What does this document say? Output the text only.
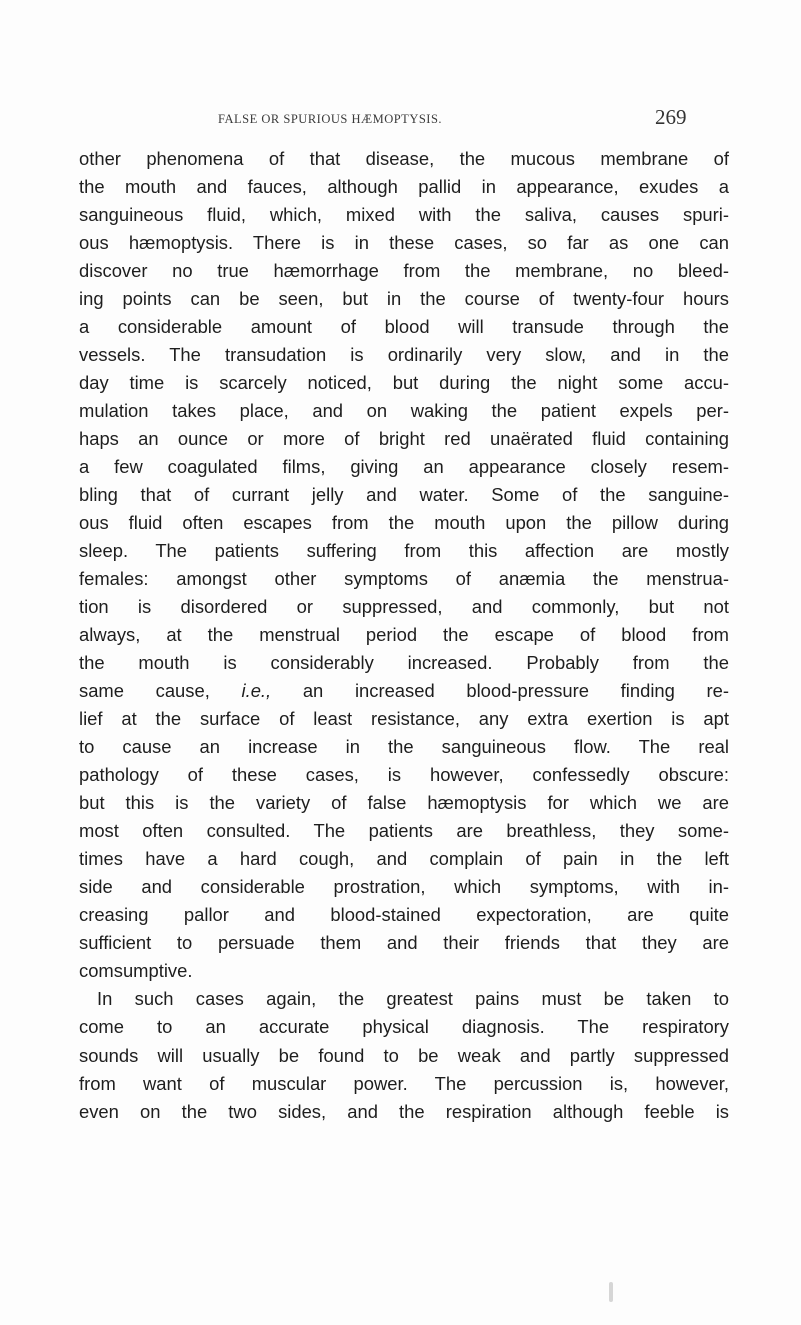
FALSE OR SPURIOUS HÆMOPTYSIS.	269
other phenomena of that disease, the mucous membrane of
the mouth and fauces, although pallid in appearance, exudes a
sanguineous fluid, which, mixed with the saliva, causes spuri-
ous hæmoptysis. There is in these cases, so far as one can
discover no true hæmorrhage from the membrane, no bleed-
ing points can be seen, but in the course of twenty-four hours
a considerable amount of blood will transude through the
vessels. The transudation is ordinarily very slow, and in the
day time is scarcely noticed, but during the night some accu-
mulation takes place, and on waking the patient expels per-
haps an ounce or more of bright red unaërated fluid containing
a few coagulated films, giving an appearance closely resem-
bling that of currant jelly and water. Some of the sanguine-
ous fluid often escapes from the mouth upon the pillow during
sleep. The patients suffering from this affection are mostly
females: amongst other symptoms of anæmia the menstrua-
tion is disordered or suppressed, and commonly, but not
always, at the menstrual period the escape of blood from
the mouth is considerably increased. Probably from the
same cause, i.e., an increased blood-pressure finding re-
lief at the surface of least resistance, any extra exertion is apt
to cause an increase in the sanguineous flow. The real
pathology of these cases, is however, confessedly obscure:
but this is the variety of false hæmoptysis for which we are
most often consulted. The patients are breathless, they some-
times have a hard cough, and complain of pain in the left
side and considerable prostration, which symptoms, with in-
creasing pallor and blood-stained expectoration, are quite
sufficient to persuade them and their friends that they are
comsumptive.
In such cases again, the greatest pains must be taken to
come to an accurate physical diagnosis. The respiratory
sounds will usually be found to be weak and partly suppressed
from want of muscular power. The percussion is, however,
even on the two sides, and the respiration although feeble is
